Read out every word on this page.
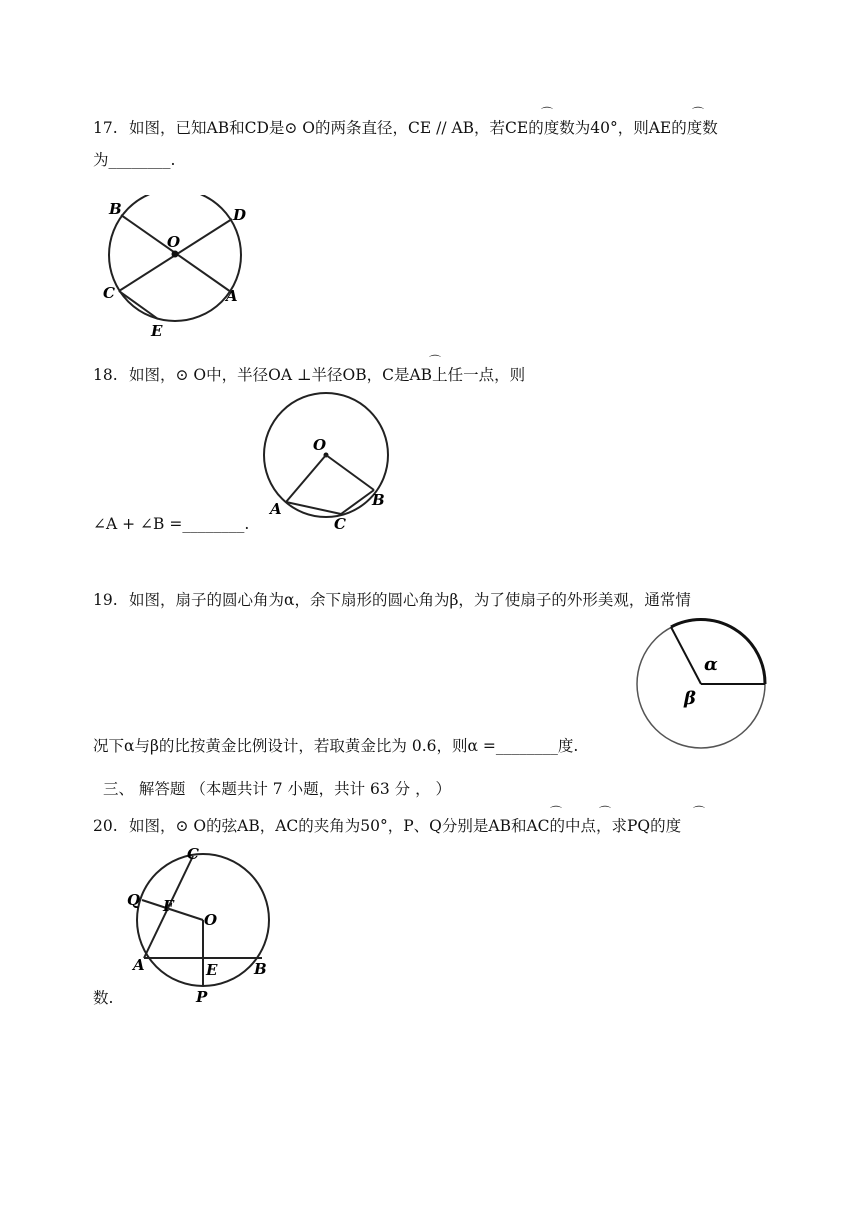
17. 如图，已知AB和CD是⊙ O的两条直径，CE // AB，若CE的度数为40°，则AE的度数
⌒	⌒
为________.
B	D
O
C	A
E
18. 如图，⊙ O中，半径OA ⊥半径OB，C是AB上任一点，则
⌒
O
A	B
C
∠A + ∠B =________.
19. 如图，扇子的圆心角为α，余下扇形的圆心角为β，为了使扇子的外形美观，通常情
α
β
况下α与β的比按黄金比例设计，若取黄金比为 0.6，则α =________度.
三、 解答题 （本题共计 7 小题，共计 63 分 ， ）
20. 如图，⊙ O的弦AB，AC的夹角为50°，P、Q分别是AB和AC的中点，求PQ的度
⌒	⌒	⌒
C
Q F
O
A	E B
P
数.
